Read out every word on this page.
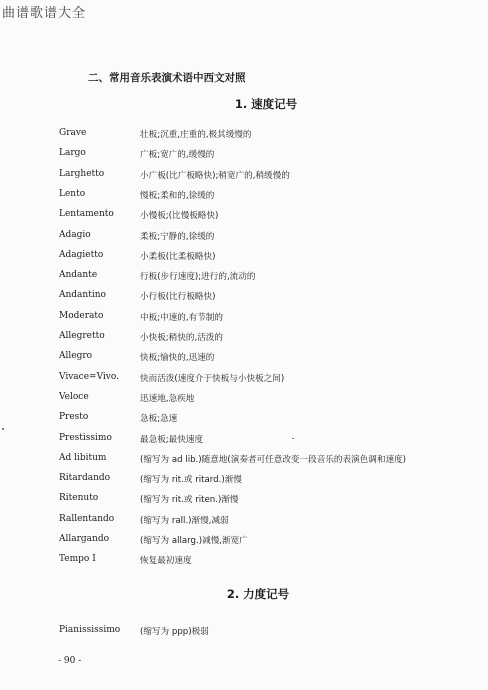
曲谱歌谱大全
二、常用音乐表演术语中西文对照
1. 速度记号
Grave	壮板;沉重,庄重的,极其缓慢的
Largo	广板;宽广的,缓慢的
Larghetto	小广板(比广板略快);稍宽广的,稍缓慢的
Lento	慢板;柔和的,徐缓的
Lentamento	小慢板;(比慢板略快)
Adagio	柔板;宁静的,徐缓的
Adagietto	小柔板(比柔板略快)
Andante	行板(步行速度);进行的,流动的
Andantino	小行板(比行板略快)
Moderato	中板;中速的,有节制的
Allegretto	小快板;稍快的,活泼的
Allegro	快板;愉快的,迅速的
Vivace=Vivo. 快而活泼(速度介于快板与小快板之间)
Veloce	迅速地,急疾地
Presto	急板;急速
Prestissimo	最急板;最快速度
Ad libitum	(缩写为 ad lib.)随意地(演奏者可任意改变一段音乐的表演色调和速度)
Ritardando	(缩写为 rit.或 ritard.)渐慢
Ritenuto	(缩写为 rit.或 riten.)渐慢
Rallentando	(缩写为 rall.)渐慢,减弱
Allargando	(缩写为 allarg.)减慢,渐宽广
Tempo Ⅰ	恢复最初速度
2. 力度记号
Pianississimo (缩写为 ppp)极弱
- 90 -
